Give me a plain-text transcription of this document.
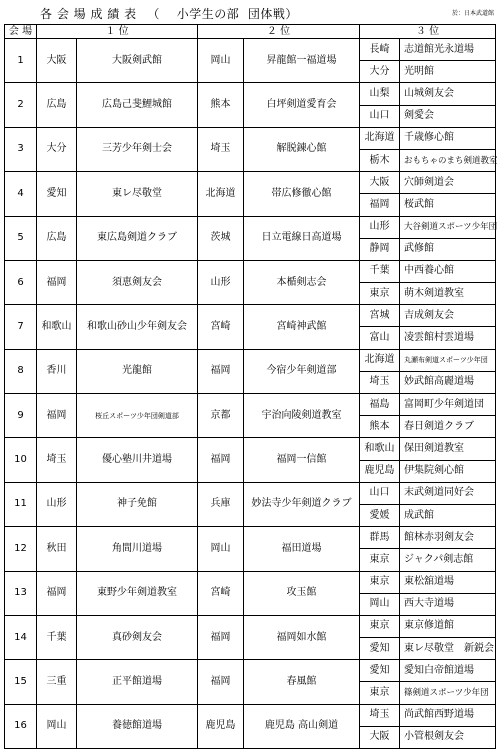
各 会 場 成 績 表 　（　 小学生の部  団体戦）	於：日本武道館
会 場	１ 位		２ 位		３ 位	
1	大阪	大阪剣武館	岡山	昇龍館一福道場	長崎	志道館光永道場
					大分	光明館
2	広島	広島己斐鯉城館	熊本	白坪剣道愛育会	山梨	山城剣友会
					山口	剣愛会
3	大分	三芳少年剣士会	埼玉	解脱錬心館	北海道	千歳修心館
					栃木	おもちゃのまち剣道教室
4	愛知	東レ尽敬堂	北海道	帯広修徹心館	大阪	穴師剣道会
					福岡	桜武館
5	広島	東広島剣道クラブ	茨城	日立電線日高道場	山形	大谷剣道スポーツ少年団
					静岡	武修館
6	福岡	須恵剣友会	山形	本楯剣志会	千葉	中西養心館
					東京	萌木剣道教室
7	和歌山	和歌山砂山少年剣友会	宮崎	宮崎神武館	宮城	吉成剣友会
					富山	凌雲館村雲道場
8	香川	光龍館	福岡	今宿少年剣道部	北海道	丸瀬布剣道スポーツ少年団
					埼玉	妙武館高麗道場
9	福岡	桜丘スポーツ少年団剣道部	京都	宇治向陵剣道教室	福島	富岡町少年剣道団
					熊本	春日剣道クラブ
10	埼玉	優心塾川井道場	福岡	福岡一信館	和歌山	保田剣道教室
					鹿児島	伊集院剣心館
11	山形	神子免館	兵庫	妙法寺少年剣道クラブ	山口	末武剣道同好会
					愛媛	成武館
12	秋田	角間川道場	岡山	福田道場	群馬	館林赤羽剣友会
					東京	ジャクパ剣志館
13	福岡	東野少年剣道教室	宮崎	攻玉館	東京	東松舘道場
					岡山	西大寺道場
14	千葉	真砂剣友会	福岡	福岡如水館	東京	東京修道館
					愛知	東レ尽敬堂　新鋭会
15	三重	正平館道場	福岡	春風館	愛知	愛知白帝館道場
					東京	篠剣道スポーツ少年団
16	岡山	養徳館道場	鹿児島	鹿児島 高山剣道	埼玉	尚武館西野道場
					大阪	小管根剣友会
